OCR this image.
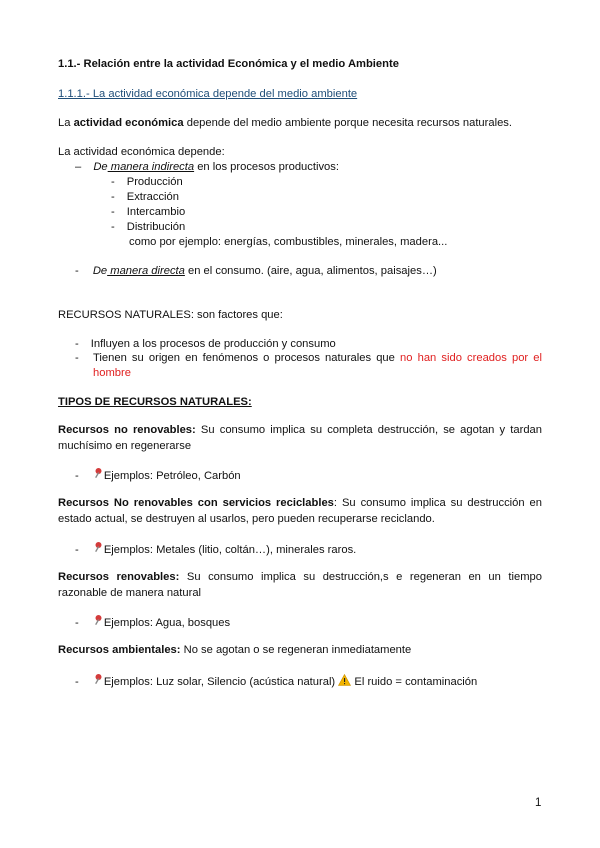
1.1.- Relación entre la actividad Económica y el medio Ambiente
1.1.1.- La actividad económica depende del medio ambiente
La actividad económica depende del medio ambiente porque necesita recursos naturales.
La actividad económica depende:
– De manera indirecta en los procesos productivos:
- Producción
- Extracción
- Intercambio
- Distribución
como por ejemplo: energías, combustibles, minerales, madera...
- De manera directa en el consumo. (aire, agua, alimentos, paisajes…)
RECURSOS NATURALES: son factores que:
- Influyen a los procesos de producción y consumo
- Tienen su origen en fenómenos o procesos naturales que no han sido creados por el hombre
TIPOS DE RECURSOS NATURALES:
Recursos no renovables: Su consumo implica su completa destrucción, se agotan y tardan muchísimo en regenerarse
- Ejemplos: Petróleo, Carbón
Recursos No renovables con servicios reciclables: Su consumo implica su destrucción en estado actual, se destruyen al usarlos, pero pueden recuperarse reciclando.
- Ejemplos: Metales (litio, coltán…), minerales raros.
Recursos renovables: Su consumo implica su destrucción,s e regeneran en un tiempo razonable de manera natural
- Ejemplos: Agua, bosques
Recursos ambientales: No se agotan o se regeneran inmediatamente
- Ejemplos: Luz solar, Silencio (acústica natural) El ruido = contaminación
1
